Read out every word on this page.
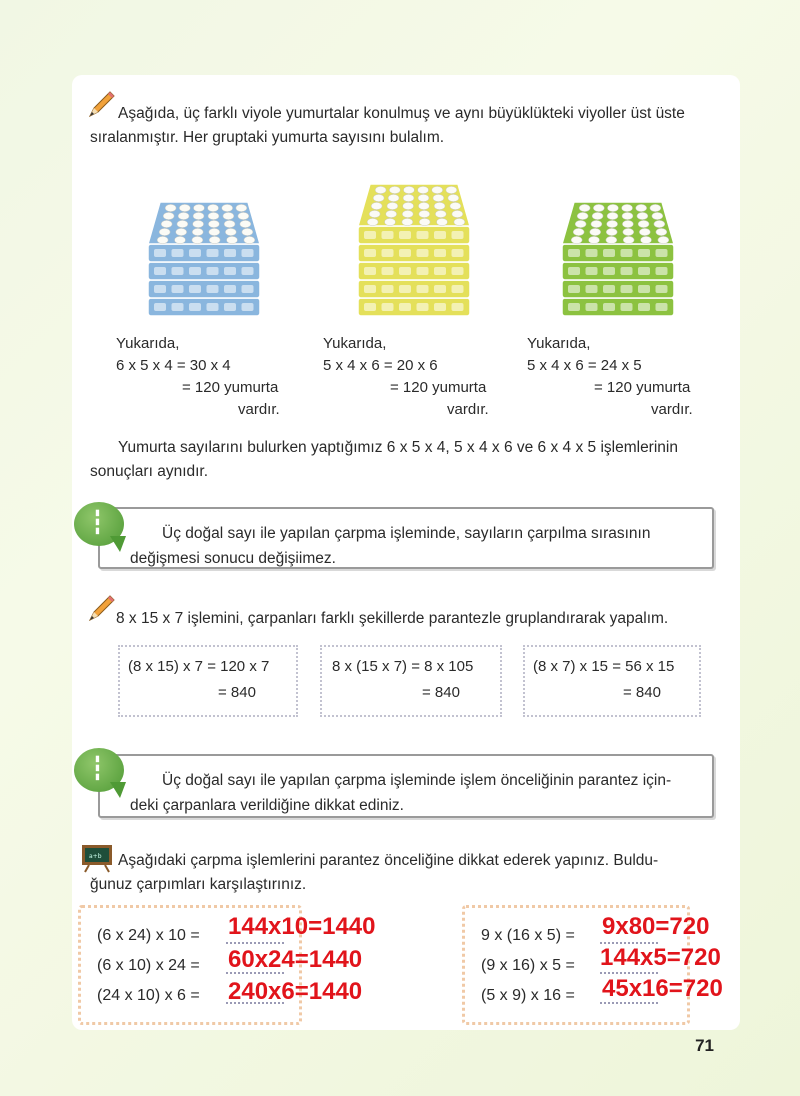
Aşağıda, üç farklı viyole yumurtalar konulmuş ve aynı büyüklükteki viyoller üst üste
sıralanmıştır. Her gruptaki yumurta sayısını bulalım.
Yukarıda,
6 x 5 x 4 = 30 x 4
= 120 yumurta
vardır.
Yukarıda,
5 x 4 x 6 = 20 x 6
= 120 yumurta
vardır.
Yukarıda,
5 x 4 x 6 = 24 x 5
= 120 yumurta
vardır.
Yumurta sayılarını bulurken yaptığımız 6 x 5 x 4, 5 x 4 x 6 ve 6 x 4 x 5 işlemlerinin
sonuçları aynıdır.
Üç doğal sayı ile yapılan çarpma işleminde, sayıların çarpılma sırasının
değişmesi sonucu değişiimez.
▮▮▮
8 x 15 x 7 işlemini, çarpanları farklı şekillerde parantezle gruplandırarak yapalım.
(8 x 15) x 7 = 120 x 7
= 840
8 x (15 x 7) = 8 x 105
= 840
(8 x 7) x 15 = 56 x 15
= 840
Üç doğal sayı ile yapılan çarpma işleminde işlem önceliğinin parantez için-
deki çarpanlara verildiğine dikkat ediniz.
▮▮▮
a+b Aşağıdaki çarpma işlemlerini parantez önceliğine dikkat ederek yapınız. Buldu-
ğunuz çarpımları karşılaştırınız.
(6 x 24) x 10 = 144x10=1440
(6 x 10) x 24 = 60x24=1440
(24 x 10) x 6 = 240x6=1440
9 x (16 x 5) = 9x80=720
(9 x 16) x 5 = 144x5=720
(5 x 9) x 16 = 45x16=720
71
